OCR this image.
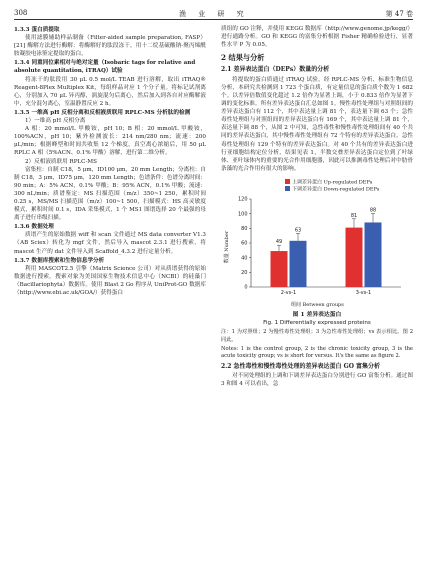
308	渔 业 研 究	第 47 卷
1.3.3 蛋白质提取

使用滤膜辅助样品制备（Filter-aided sample preparation, FASP）[21] 酶解方法进行酶解：将酶解好的肽段冻干，用十二烷基硫酸钠-聚丙烯酰胺凝胶电泳鉴定提取的蛋白。

1.3.4 同重同位素相对与绝对定量（Isobaric tags for relative and absolute quantitation, iTRAQ）试验

将冻干的肽段用 30 μL 0.5 mol/L TEAB 进行溶解，取出 iTRAQ® Reagent-8Plex Multiplex Kit，每组样品对应 1 个分子量。将标记试剂离心，分别加入 70 μL 异丙醇，涡旋混匀后离心，然后加入到各自对应酶解液中，充分混匀离心，室温静置反应 2 h。

1.3.5 一维高 pH 反相分离和反相液质联用 RPLC-MS 分析肽的检测

1）一维高 pH 反相分离

A 相：20 mmol/L 甲酸铵，pH 10；B 相：20 mmol/L 甲酸铵，100%ACN，pH 10；紫外检测波长：214 nm/280 nm；流速：200 μL/min；根据峰型和时间共收集 12 个梯度，真空离心浓缩后，用 50 μL RPLC A 相（5%ACN、0.1% 甲酸）溶解，进行第二维分析。

2）反相液质联用 RPLC-MS

富集柱：自制 C18，5 μm，ID100 μm，20 mm Length；分离柱：自制 C18，3 μm，ID75 μm，120 mm Length；色谱条件：色谱分离时间：90 min；A：5% ACN，0.1% 甲酸；B：95% ACN，0.1% 甲酸；流速：300 nL/min；质谱鉴定：MS 扫描范围（m/z）350~1 250，累积时间 0.25 s，MS/MS 扫描范围（m/z）100~1 500，扫描模式：HS 高灵敏度模式，累积时间 0.1 s，IDA 采集模式，1 个 MS1 图谱选择 20 个最强的母离子进行串级扫描。

1.3.6 数据处理

质谱产生的原始数据 wiff 和 scan 文件通过 MS data converter V1.3（AB Sciex）转化为 mgf 文件，然后导入 mascot 2.3.1 进行搜索，将 mascot 生产的 dat 文件导入到 Scaffold_4.3.2 进行定量分析。

1.3.7 数据库搜索和生物信息学分析

利用 MASCOT2.5 引擎（Matrix Science 公司）对从质谱获得的原始数据进行搜索。搜索对象为美国国家生物技术信息中心（NCBI）的硅藻门（Bacillariophyta）数据库。使用 Blast 2 Go 程序从 UniProt-GO 数据库（http://www.ebi.ac.uk/GOA/）获得蛋白

质组的 GO 注释，并使用 KEGG 数据库（http://www.genome.jp/kegg/）进行通路分析。GO 和 KEGG 的富集分析根据 Fisher 精确检验进行，显著性水平 P 为 0.05。

2 结果与分析
2.1 差异表达蛋白（DEPs）数量的分析

将提取的蛋白质通过 iTRAQ 试验，经 RPLC-MS 分析、标准生物信息分析，本研究共检测到 1 723 个蛋白质，有定量信息的蛋白质个数为 1 682 个。以差异倍数值变化超过 1.2 倍作为显著上调，小于 0.833 倍作为显著下调的变化标准。所有差异表达蛋白汇总如图 1。慢性毒性处理组与对照组间的差异表达蛋白有 112 个，其中表达量上调 81 个，表达量下调 63 个；急性毒性处理组与对照组间的差异表达蛋白有 169 个，其中表达量上调 81 个，表达量下调 88 个，从图 2 中可知，急性毒性和慢性毒性处理组间有 40 个共同的差异表达蛋白，其中慢性毒性处理组有 72 个特有的差异表达蛋白，急性毒性处理组有 129 个特有的差异表达蛋白。对 40 个共有的差异表达蛋白进行亚细胞结构定位分析，结果见表 1，半数交叠差异表达蛋白定位到了叶绿体、亚叶绿体内的重要的光合作用细胞器，因此可以推测毒性处理后对中肋骨条藻的光合作用有很大的影响。

0
20
40
60
80
100
120
49
63
2-vs-1
81
88
3-vs-1
上调差异蛋白 Up-regulated DEPs
下调差异蛋白 Down-regulated DEPs
数量 Number
组间 Between groups

图 1 差异表达蛋白

Fig. 1 Differentially expressed proteins

注：1 为对照组；2 为慢性毒性处理组；3 为急性毒性处理组；vs 表示相比。图 2 同此。

Notes: 1 is the control group, 2 is the chronic toxicity group, 3 is the acute toxicity group; vs is short for versus. It's the same as figure 2.

2.2 急性毒性和慢性毒性处理的差异表达蛋白 GO 富集分析

对不同处理组的上调和下调差异表达蛋白分别进行 GO 富集分析。通过图 3 和图 4 可以看出，急
